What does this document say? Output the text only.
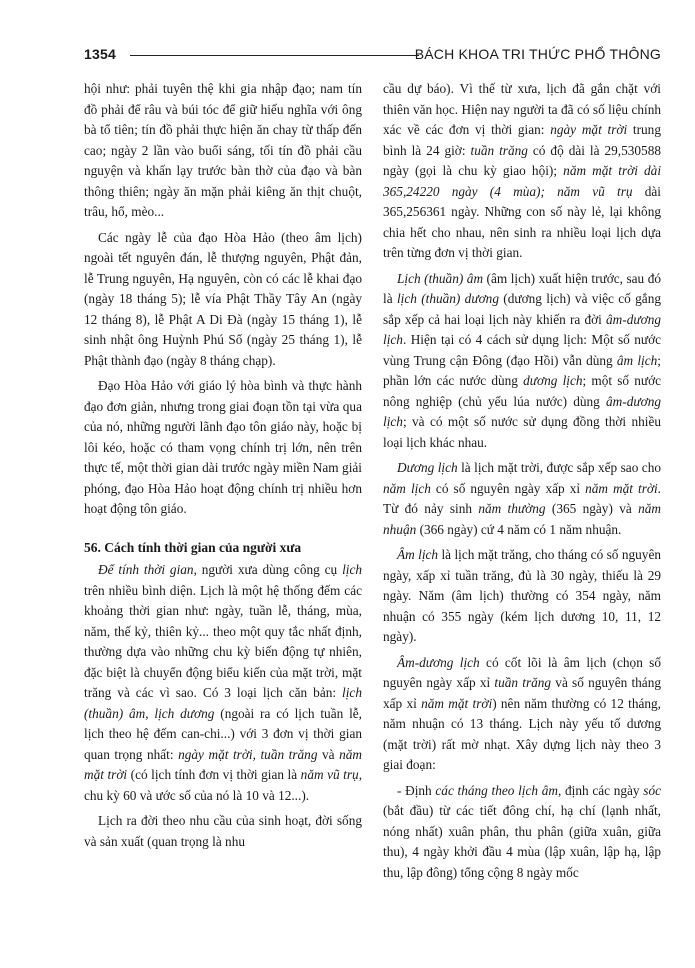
1354	BÁCH KHOA TRI THỨC PHỔ THÔNG

hội như: phải tuyên thệ khi gia nhập đạo; nam tín đồ phải để râu và búi tóc để giữ hiếu nghĩa với ông bà tổ tiên; tín đồ phải thực hiện ăn chay từ thấp đến cao; ngày 2 lần vào buổi sáng, tối tín đồ phải cầu nguyện và khấn lạy trước bàn thờ của đạo và bàn thông thiên; ngày ăn mặn phải kiêng ăn thịt chuột, trâu, hổ, mèo...

Các ngày lễ của đạo Hòa Hảo (theo âm lịch) ngoài tết nguyên đán, lễ thượng nguyên, Phật đản, lễ Trung nguyên, Hạ nguyên, còn có các lễ khai đạo (ngày 18 tháng 5); lễ vía Phật Thầy Tây An (ngày 12 tháng 8), lễ Phật A Di Đà (ngày 15 tháng 1), lễ sinh nhật ông Huỳnh Phú Sổ (ngày 25 tháng 1), lễ Phật thành đạo (ngày 8 tháng chạp).

Đạo Hòa Hảo với giáo lý hòa bình và thực hành đạo đơn giản, nhưng trong giai đoạn tồn tại vừa qua của nó, những người lãnh đạo tôn giáo này, hoặc bị lôi kéo, hoặc có tham vọng chính trị lớn, nên trên thực tế, một thời gian dài trước ngày miền Nam giải phóng, đạo Hòa Hảo hoạt động chính trị nhiều hơn hoạt động tôn giáo.

56. Cách tính thời gian của người xưa

Để tính thời gian, người xưa dùng công cụ lịch trên nhiều bình diện. Lịch là một hệ thống đếm các khoảng thời gian như: ngày, tuần lễ, tháng, mùa, năm, thế kỷ, thiên kỷ... theo một quy tắc nhất định, thường dựa vào những chu kỳ biến động tự nhiên, đặc biệt là chuyển động biểu kiến của mặt trời, mặt trăng và các vì sao. Có 3 loại lịch căn bản: lịch (thuần) âm, lịch dương (ngoài ra có lịch tuần lễ, lịch theo hệ đếm can-chi...) với 3 đơn vị thời gian quan trọng nhất: ngày mặt trời, tuần trăng và năm mặt trời (có lịch tính đơn vị thời gian là năm vũ trụ, chu kỳ 60 và ước số của nó là 10 và 12...).

Lịch ra đời theo nhu cầu của sinh hoạt, đời sống và sản xuất (quan trọng là nhu

cầu dự báo). Vì thế từ xưa, lịch đã gắn chặt với thiên văn học. Hiện nay người ta đã có số liệu chính xác về các đơn vị thời gian: ngày mặt trời trung bình là 24 giờ: tuần trăng có độ dài là 29,530588 ngày (gọi là chu kỳ giao hội); năm mặt trời dài 365,24220 ngày (4 mùa); năm vũ trụ dài 365,256361 ngày. Những con số này lẻ, lại không chia hết cho nhau, nên sinh ra nhiều loại lịch dựa trên từng đơn vị thời gian.

Lịch (thuần) âm (âm lịch) xuất hiện trước, sau đó là lịch (thuần) dương (dương lịch) và việc cố gắng sắp xếp cả hai loại lịch này khiến ra đời âm-dương lịch. Hiện tại có 4 cách sử dụng lịch: Một số nước vùng Trung cận Đông (đạo Hồi) vẫn dùng âm lịch; phần lớn các nước dùng dương lịch; một số nước nông nghiệp (chủ yếu lúa nước) dùng âm-dương lịch; và có một số nước sử dụng đồng thời nhiều loại lịch khác nhau.

Dương lịch là lịch mặt trời, được sắp xếp sao cho năm lịch có số nguyên ngày xấp xỉ năm mặt trời. Từ đó nảy sinh năm thường (365 ngày) và năm nhuận (366 ngày) cứ 4 năm có 1 năm nhuận.

Âm lịch là lịch mặt trăng, cho tháng có số nguyên ngày, xấp xỉ tuần trăng, đủ là 30 ngày, thiếu là 29 ngày. Năm (âm lịch) thường có 354 ngày, năm nhuận có 355 ngày (kém lịch dương 10, 11, 12 ngày).

Âm-dương lịch có cốt lõi là âm lịch (chọn số nguyên ngày xấp xỉ tuần trăng và số nguyên tháng xấp xỉ năm mặt trời) nên năm thường có 12 tháng, năm nhuận có 13 tháng. Lịch này yếu tố dương (mặt trời) rất mờ nhạt. Xây dựng lịch này theo 3 giai đoạn:

- Định các tháng theo lịch âm, định các ngày sóc (bắt đầu) từ các tiết đông chí, hạ chí (lạnh nhất, nóng nhất) xuân phân, thu phân (giữa xuân, giữa thu), 4 ngày khởi đầu 4 mùa (lập xuân, lập hạ, lập thu, lập đông) tổng cộng 8 ngày mốc
